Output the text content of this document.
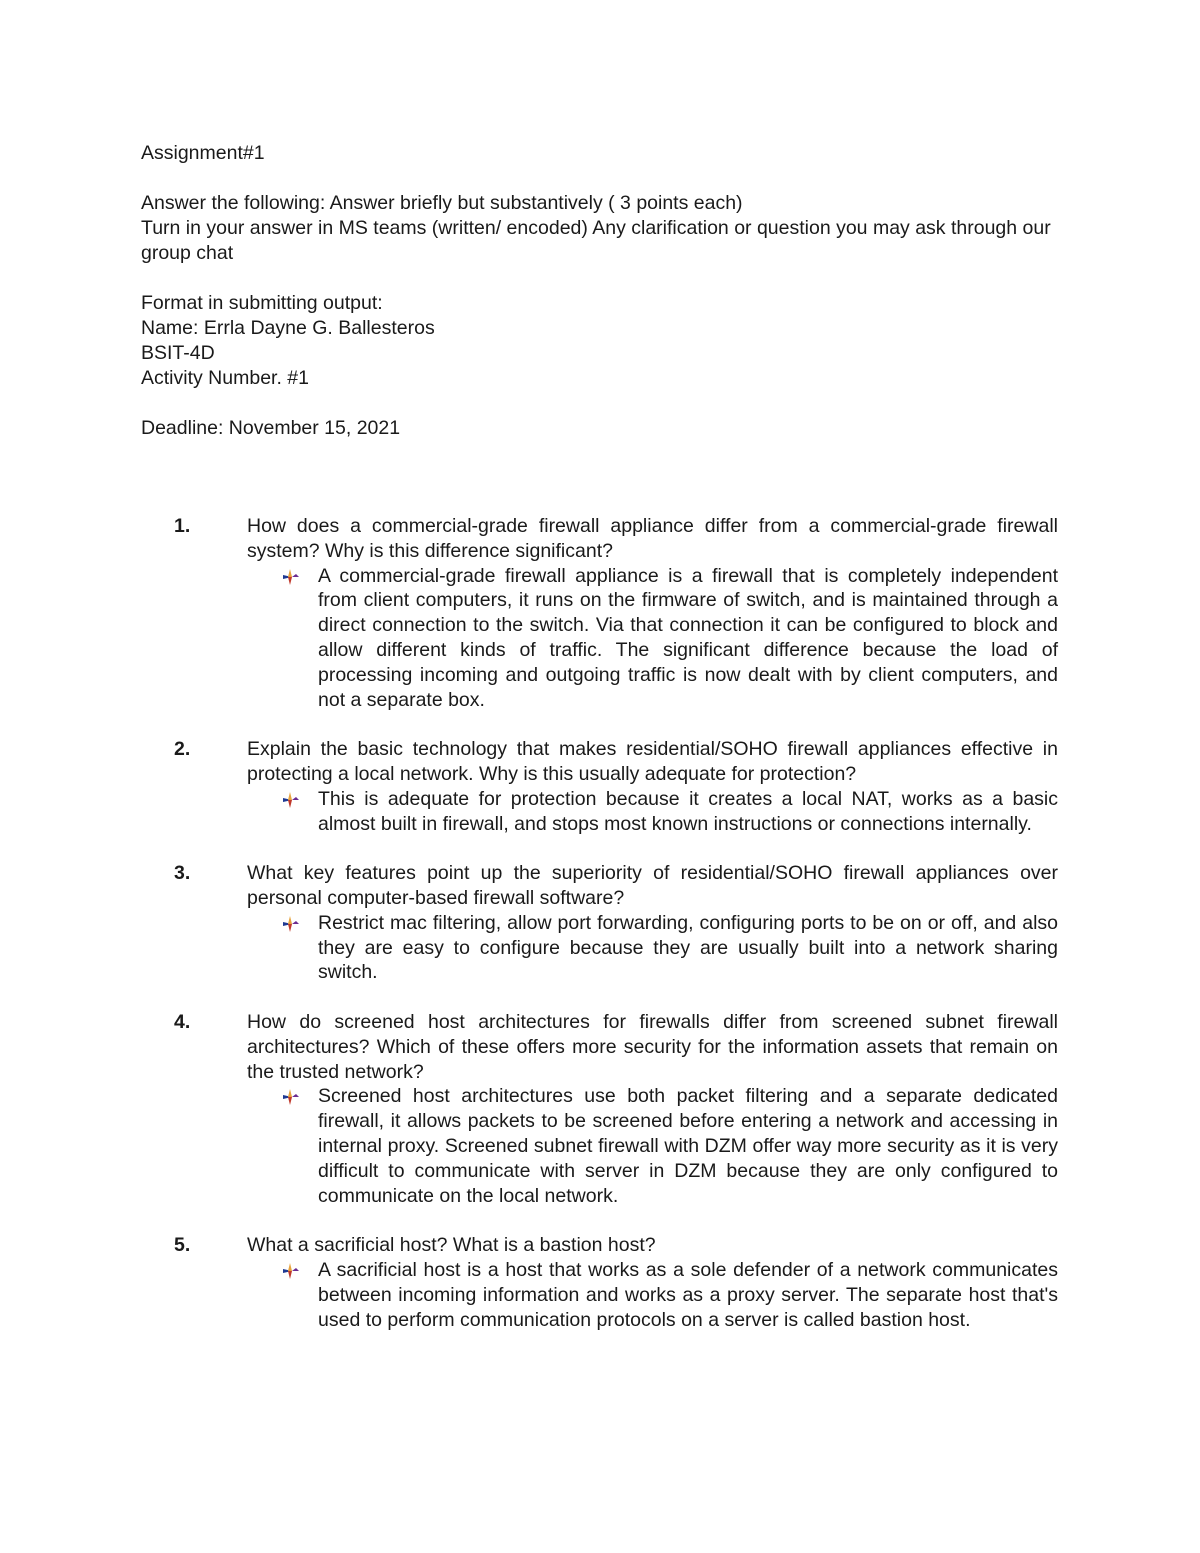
Assignment#1
Answer the following: Answer briefly but substantively ( 3 points each)
Turn in your answer in MS teams (written/ encoded) Any clarification or question you may ask through our group chat
Format in submitting output:
Name: Errla Dayne G. Ballesteros
BSIT-4D
Activity Number. #1
Deadline: November 15, 2021
1.	How does a commercial-grade firewall appliance differ from a commercial-grade firewall system? Why is this difference significant?
A commercial-grade firewall appliance is a firewall that is completely independent from client computers, it runs on the firmware of switch, and is maintained through a direct connection to the switch. Via that connection it can be configured to block and allow different kinds of traffic. The significant difference because the load of processing incoming and outgoing traffic is now dealt with by client computers, and not a separate box.
2.	Explain the basic technology that makes residential/SOHO firewall appliances effective in protecting a local network. Why is this usually adequate for protection?
This is adequate for protection because it creates a local NAT, works as a basic almost built in firewall, and stops most known instructions or connections internally.
3.	What key features point up the superiority of residential/SOHO firewall appliances over personal computer-based firewall software?
Restrict mac filtering, allow port forwarding, configuring ports to be on or off, and also they are easy to configure because they are usually built into a network sharing switch.
4.	How do screened host architectures for firewalls differ from screened subnet firewall architectures? Which of these offers more security for the information assets that remain on the trusted network?
Screened host architectures use both packet filtering and a separate dedicated firewall, it allows packets to be screened before entering a network and accessing in internal proxy. Screened subnet firewall with DZM offer way more security as it is very difficult to communicate with server in DZM because they are only configured to communicate on the local network.
5.	What a sacrificial host? What is a bastion host?
A sacrificial host is a host that works as a sole defender of a network communicates between incoming information and works as a proxy server. The separate host that's used to perform communication protocols on a server is called bastion host.
